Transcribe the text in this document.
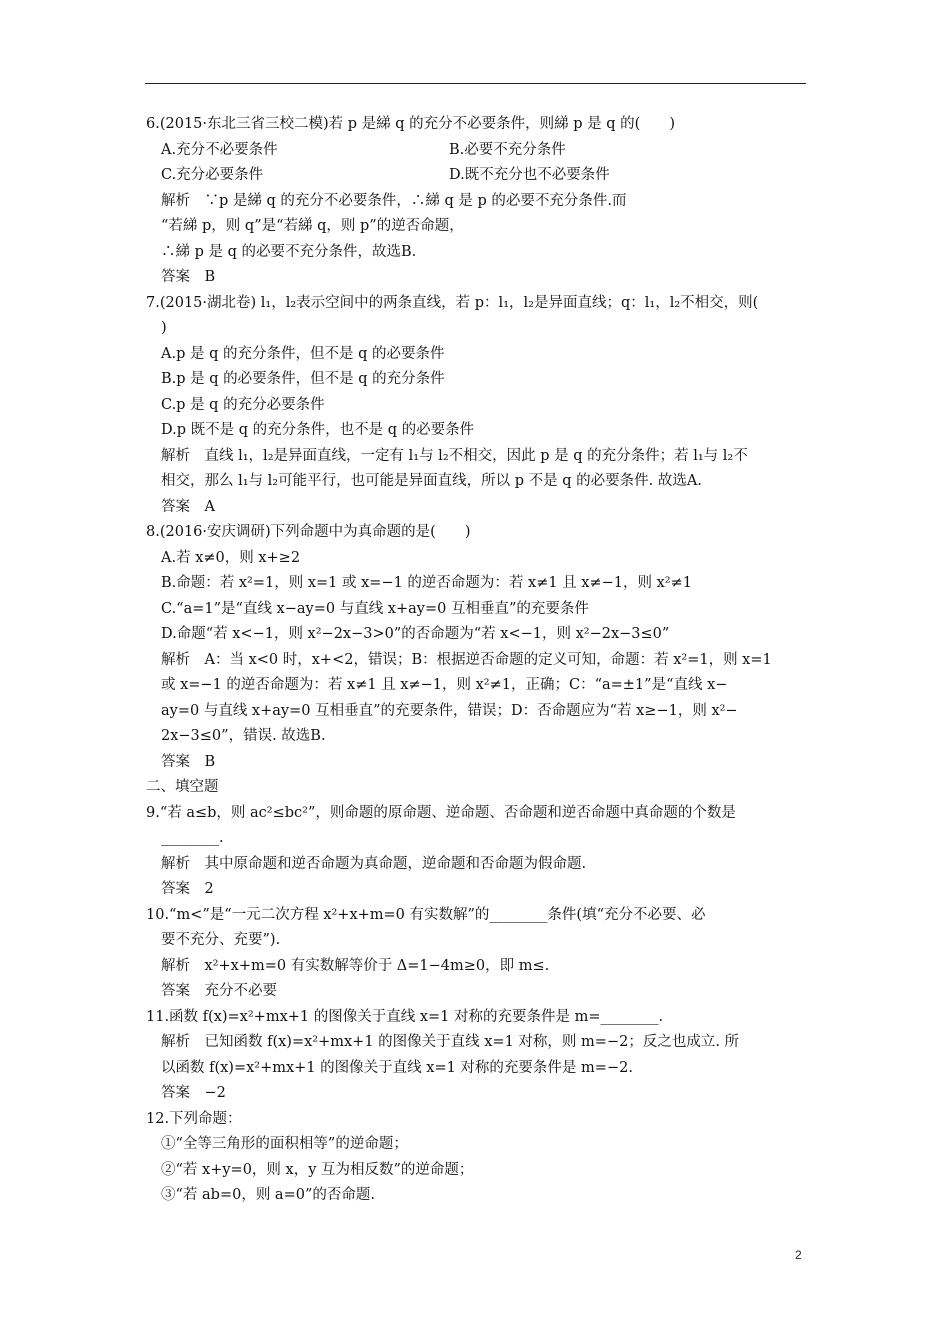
6.(2015·东北三省三校二模)若 p 是綈 q 的充分不必要条件，则綈 p 是 q 的(　　)
A.充分不必要条件	B.必要不充分条件
C.充分必要条件	D.既不充分也不必要条件
解析　∵p 是綈 q 的充分不必要条件，∴綈 q 是 p 的必要不充分条件.而
“若綈 p，则 q”是“若綈 q，则 p”的逆否命题，
∴綈 p 是 q 的必要不充分条件，故选B.
答案　B
7.(2015·湖北卷) l₁，l₂表示空间中的两条直线，若 p：l₁，l₂是异面直线；q：l₁，l₂不相交，则(
)
A.p 是 q 的充分条件，但不是 q 的必要条件
B.p 是 q 的必要条件，但不是 q 的充分条件
C.p 是 q 的充分必要条件
D.p 既不是 q 的充分条件，也不是 q 的必要条件
解析　直线 l₁，l₂是异面直线，一定有 l₁与 l₂不相交，因此 p 是 q 的充分条件；若 l₁与 l₂不
相交，那么 l₁与 l₂可能平行，也可能是异面直线，所以 p 不是 q 的必要条件. 故选A.
答案　A
8.(2016·安庆调研)下列命题中为真命题的是(　　)
A.若 x≠0，则 x+≥2
B.命题：若 x²=1，则 x=1 或 x=−1 的逆否命题为：若 x≠1 且 x≠−1，则 x²≠1
C.“a=1”是“直线 x−ay=0 与直线 x+ay=0 互相垂直”的充要条件
D.命题“若 x<−1，则 x²−2x−3>0”的否命题为“若 x<−1，则 x²−2x−3≤0”
解析　A：当 x<0 时，x+<2，错误；B：根据逆否命题的定义可知，命题：若 x²=1，则 x=1
或 x=−1 的逆否命题为：若 x≠1 且 x≠−1，则 x²≠1，正确；C：“a=±1”是“直线 x−
ay=0 与直线 x+ay=0 互相垂直”的充要条件，错误；D：否命题应为“若 x≥−1，则 x²−
2x−3≤0”，错误. 故选B.
答案　B
二、填空题
9.“若 a≤b，则 ac²≤bc²”，则命题的原命题、逆命题、否命题和逆否命题中真命题的个数是
________.
解析　其中原命题和逆否命题为真命题，逆命题和否命题为假命题.
答案　2
10.“m<”是“一元二次方程 x²+x+m=0 有实数解”的________条件(填“充分不必要、必
要不充分、充要”).
解析　x²+x+m=0 有实数解等价于 Δ=1−4m≥0，即 m≤.
答案　充分不必要
11.函数 f(x)=x²+mx+1 的图像关于直线 x=1 对称的充要条件是 m=________.
解析　已知函数 f(x)=x²+mx+1 的图像关于直线 x=1 对称，则 m=−2；反之也成立. 所
以函数 f(x)=x²+mx+1 的图像关于直线 x=1 对称的充要条件是 m=−2.
答案　−2
12.下列命题：
①“全等三角形的面积相等”的逆命题；
②“若 x+y=0，则 x，y 互为相反数”的逆命题；
③“若 ab=0，则 a=0”的否命题.
2
